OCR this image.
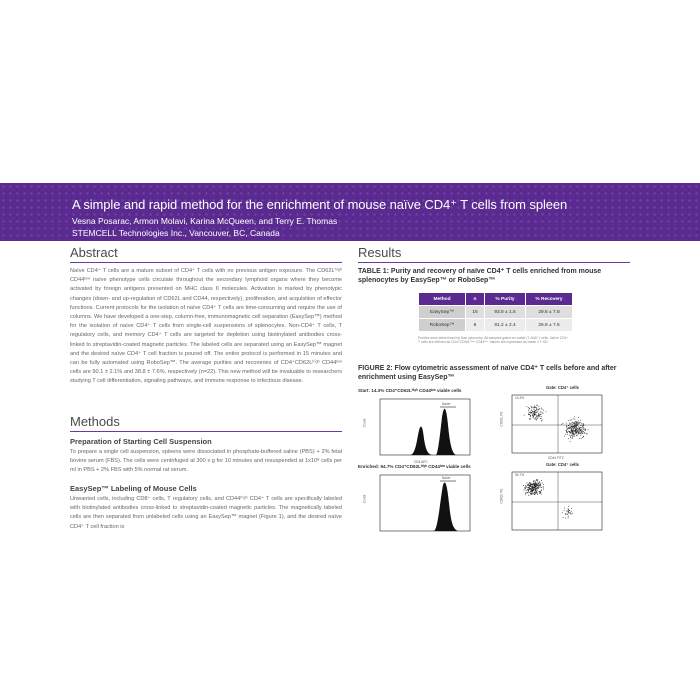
A simple and rapid method for the enrichment of mouse naïve CD4⁺ T cells from spleen
Vesna Posarac, Armon Molavi, Karina McQueen, and Terry E. Thomas
STEMCELL Technologies Inc., Vancouver, BC, Canada
Abstract
Naïve CD4⁺ T cells are a mature subset of CD4⁺ T cells with no previous antigen exposure. The CD62Lʰⁱᵍʰ CD44ˡᵒʷ naïve phenotype cells circulate throughout the secondary lymphoid organs where they become activated by foreign antigens presented on MHC class II molecules. Activation is marked by phenotypic changes (down- and up-regulation of CD62L and CD44, respectively), proliferation, and acquisition of effector functions. Current protocols for the isolation of naïve CD4⁺ T cells are time-consuming and require the use of columns. We have developed a one-step, column-free, immunomagnetic cell separation (EasySep™) method for the isolation of naïve CD4⁺ T cells from single-cell suspensions of splenocytes. Non-CD4⁺ T cells, T regulatory cells, and memory CD4⁺ T cells are targeted for depletion using biotinylated antibodies cross-linked to streptavidin-coated magnetic particles. The labeled cells are separated using an EasySep™ magnet and the desired naïve CD4⁺ T cell fraction is poured off. The entire protocol is performed in 15 minutes and can be fully automated using RoboSep™. The average purities and recoveries of CD4⁺CD62Lʰⁱᵍʰ CD44ˡᵒʷ cells are 90.1 ± 2.1% and 38.8 ± 7.6%, respectively (n=22). This new method will be invaluable to researchers studying T cell differentiation, signaling pathways, and immune response to infectious disease.
Methods
Preparation of Starting Cell Suspension
To prepare a single cell suspension, spleens were dissociated in phosphate-buffered saline (PBS) + 2% fetal bovine serum (FBS). The cells were centrifuged at 300 x g for 10 minutes and resuspended at 1x10⁸ cells per ml in PBS + 2% FBS with 5% normal rat serum.
EasySep™ Labeling of Mouse Cells
Unwanted cells, including CD8⁺ cells, T regulatory cells, and CD44ʰⁱᵍʰ CD4⁺ T cells are specifically labeled with biotinylated antibodies cross-linked to streptavidin-coated magnetic particles. The magnetically labeled cells are then separated from unlabeled cells using an EasySep™ magnet (Figure 1), and the desired naïve CD4⁺ T cell fraction is
Results
TABLE 1: Purity and recovery of naïve CD4⁺ T cells enriched from mouse splenocytes by EasySep™ or RoboSep™
Method	n	% Purity	% Recovery
EasySep™	16	93.8 ± 1.6	29.6 ± 7.8
RoboSep™	6	91.2 ± 2.4	26.8 ± 7.5
Purities were determined by flow cytometry. All samples gated on viable (7-AAD⁻) cells. Naïve CD4⁺ T cells are defined as CD4⁺CD62Lʰⁱᵍʰ CD44ˡᵒʷ. Values are expressed as mean ± 1 SD.
FIGURE 2: Flow cytometric assessment of naïve CD4⁺ T cells before and after enrichment using EasySep™
Start: 14.3% CD4⁺CD62Lʰⁱᵍʰ CD44ˡᵒʷ viable cells
Enriched: 94.7% CD4⁺CD62Lʰⁱᵍʰ CD44ˡᵒʷ viable cells
Count
Naïve
CD4 APC
Gate: CD4⁺ cells
CD62L PE
14.3%
CD44 FITC
Count
Naïve
Gate: CD4⁺ cells
CD62L PE
94.7%
